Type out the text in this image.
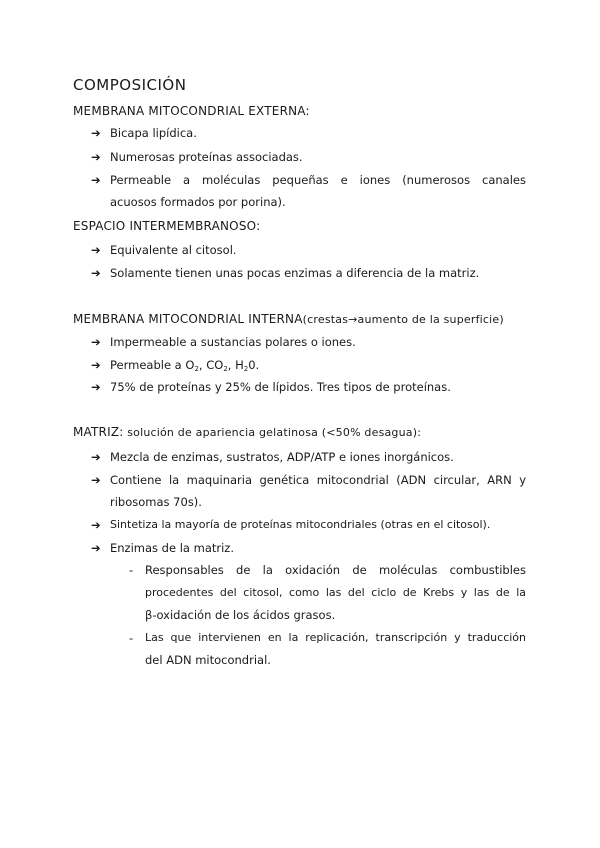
COMPOSICIÓN
MEMBRANA MITOCONDRIAL EXTERNA:
➔ Bicapa lipídica.
➔ Numerosas proteínas associadas.
➔ Permeable a moléculas pequeñas e iones (numerosos canales
acuosos formados por porina).
ESPACIO INTERMEMBRANOSO:
➔ Equivalente al citosol.
➔ Solamente tienen unas pocas enzimas a diferencia de la matriz.
MEMBRANA MITOCONDRIAL INTERNA(crestas→aumento de la superficie)
➔ Impermeable a sustancias polares o iones.
➔ Permeable a $O_2$, $CO_2$, $H_20$.
➔ 75% de proteínas y 25% de lípidos. Tres tipos de proteínas.
MATRIZ: solución de apariencia gelatinosa (<50% desagua):
➔ Mezcla de enzimas, sustratos, ADP/ATP e iones inorgánicos.
➔ Contiene la maquinaria genética mitocondrial (ADN circular, ARN y
ribosomas 70s).
➔ Sintetiza la mayoría de proteínas mitocondriales (otras en el citosol).
➔ Enzimas de la matriz.
- Responsables de la oxidación de moléculas combustibles
procedentes del citosol, como las del ciclo de Krebs y las de la
β-oxidación de los ácidos grasos.
- Las que intervienen en la replicación, transcripción y traducción
del ADN mitocondrial.
